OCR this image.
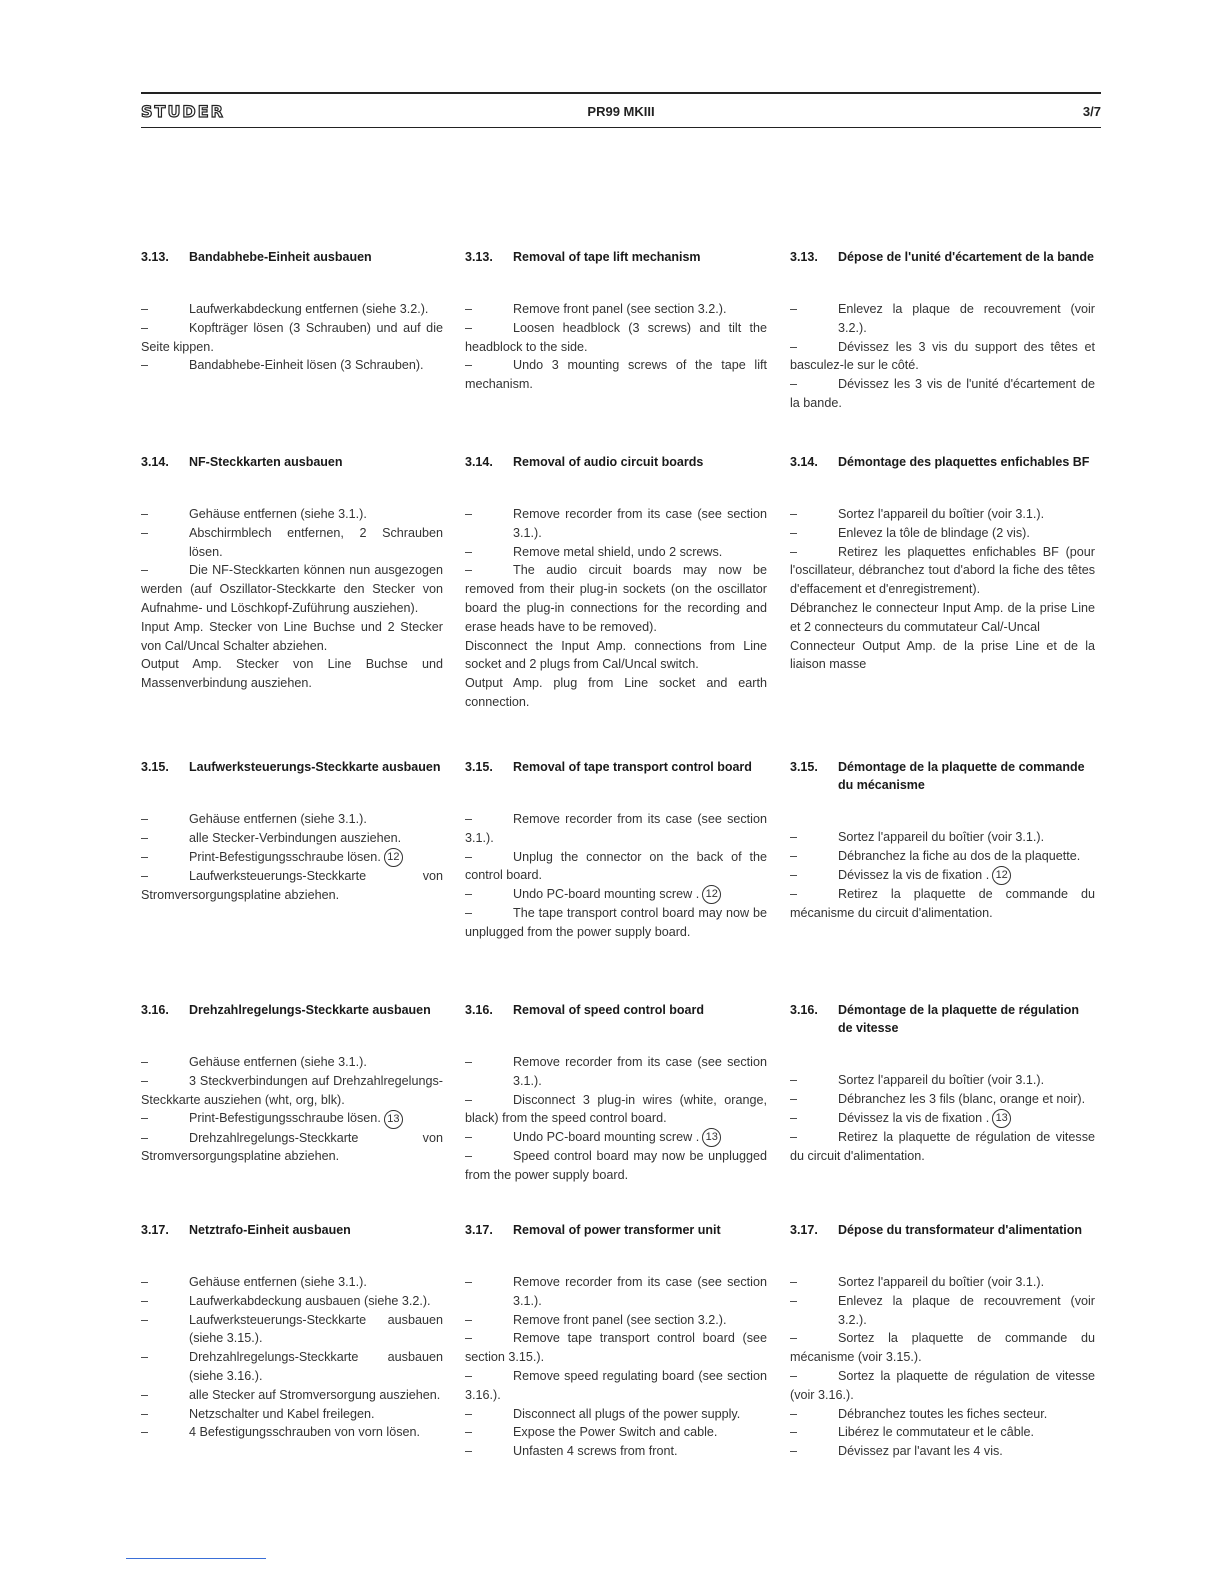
STUDER	PR99 MKIII	3/7
3.13.	Bandabhebe-Einheit ausbauen
–	Laufwerkabdeckung entfernen (siehe 3.2.).
–	Kopfträger lösen (3 Schrauben) und auf die Seite kippen.
–	Bandabhebe-Einheit lösen (3 Schrauben).
3.14.	NF-Steckkarten ausbauen
–	Gehäuse entfernen (siehe 3.1.).
–	Abschirmblech entfernen, 2 Schrauben lösen.
–	Die NF-Steckkarten können nun ausgezogen werden (auf Oszillator-Steckkarte den Stecker von Aufnahme- und Löschkopf-Zuführung ausziehen).
Input Amp. Stecker von Line Buchse und 2 Stecker von Cal/Uncal Schalter abziehen.
Output Amp. Stecker von Line Buchse und Massenverbindung ausziehen.
3.15.	Laufwerksteuerungs-Steckkarte ausbauen
–	Gehäuse entfernen (siehe 3.1.).
–	alle Stecker-Verbindungen ausziehen.
–	Print-Befestigungsschraube lösen. 12
–	Laufwerksteuerungs-Steckkarte von Stromversorgungsplatine abziehen.
3.16.	Drehzahlregelungs-Steckkarte ausbauen
–	Gehäuse entfernen (siehe 3.1.).
–	3 Steckverbindungen auf Drehzahlregelungs-Steckkarte ausziehen (wht, org, blk).
–	Print-Befestigungsschraube lösen. 13
–	Drehzahlregelungs-Steckkarte von Stromversorgungsplatine abziehen.
3.17.	Netztrafo-Einheit ausbauen
–	Gehäuse entfernen (siehe 3.1.).
–	Laufwerkabdeckung ausbauen (siehe 3.2.).
–	Laufwerksteuerungs-Steckkarte ausbauen (siehe 3.15.).
–	Drehzahlregelungs-Steckkarte ausbauen (siehe 3.16.).
–	alle Stecker auf Stromversorgung ausziehen.
–	Netzschalter und Kabel freilegen.
–	4 Befestigungsschrauben von vorn lösen.
3.13.	Removal of tape lift mechanism
–	Remove front panel (see section 3.2.).
–	Loosen headblock (3 screws) and tilt the headblock to the side.
–	Undo 3 mounting screws of the tape lift mechanism.
3.14.	Removal of audio circuit boards
–	Remove recorder from its case (see section 3.1.).
–	Remove metal shield, undo 2 screws.
–	The audio circuit boards may now be removed from their plug-in sockets (on the oscillator board the plug-in connections for the recording and erase heads have to be removed).
Disconnect the Input Amp. connections from Line socket and 2 plugs from Cal/Uncal switch.
Output Amp. plug from Line socket and earth connection.
3.15.	Removal of tape transport control board
–	Remove recorder from its case (see section 3.1.).
–	Unplug the connector on the back of the control board.
–	Undo PC-board mounting screw . 12
–	The tape transport control board may now be unplugged from the power supply board.
3.16.	Removal of speed control board
–	Remove recorder from its case (see section 3.1.).
–	Disconnect 3 plug-in wires (white, orange, black) from the speed control board.
–	Undo PC-board mounting screw . 13
–	Speed control board may now be unplugged from the power supply board.
3.17.	Removal of power transformer unit
–	Remove recorder from its case (see section 3.1.).
–	Remove front panel (see section 3.2.).
–	Remove tape transport control board (see section 3.15.).
–	Remove speed regulating board (see section 3.16.).
–	Disconnect all plugs of the power supply.
–	Expose the Power Switch and cable.
–	Unfasten 4 screws from front.
3.13.	Dépose de l'unité d'écartement de la bande
–	Enlevez la plaque de recouvrement (voir 3.2.).
–	Dévissez les 3 vis du support des têtes et basculez-le sur le côté.
–	Dévissez les 3 vis de l'unité d'écartement de la bande.
3.14.	Démontage des plaquettes enfichables BF
–	Sortez l'appareil du boîtier (voir 3.1.).
–	Enlevez la tôle de blindage (2 vis).
–	Retirez les plaquettes enfichables BF (pour l'oscillateur, débranchez tout d'abord la fiche des têtes d'effacement et d'enregistrement).
Débranchez le connecteur Input Amp. de la prise Line et 2 connecteurs du commutateur Cal/-Uncal
Connecteur Output Amp. de la prise Line et de la liaison masse
3.15.	Démontage de la plaquette de commande du mécanisme
–	Sortez l'appareil du boîtier (voir 3.1.).
–	Débranchez la fiche au dos de la plaquette.
–	Dévissez la vis de fixation . 12
–	Retirez la plaquette de commande du mécanisme du circuit d'alimentation.
3.16.	Démontage de la plaquette de régulation de vitesse
–	Sortez l'appareil du boîtier (voir 3.1.).
–	Débranchez les 3 fils (blanc, orange et noir).
–	Dévissez la vis de fixation . 13
–	Retirez la plaquette de régulation de vitesse du circuit d'alimentation.
3.17.	Dépose du transformateur d'alimentation
–	Sortez l'appareil du boîtier (voir 3.1.).
–	Enlevez la plaque de recouvrement (voir 3.2.).
–	Sortez la plaquette de commande du mécanisme (voir 3.15.).
–	Sortez la plaquette de régulation de vitesse (voir 3.16.).
–	Débranchez toutes les fiches secteur.
–	Libérez le commutateur et le câble.
–	Dévissez par l'avant les 4 vis.
